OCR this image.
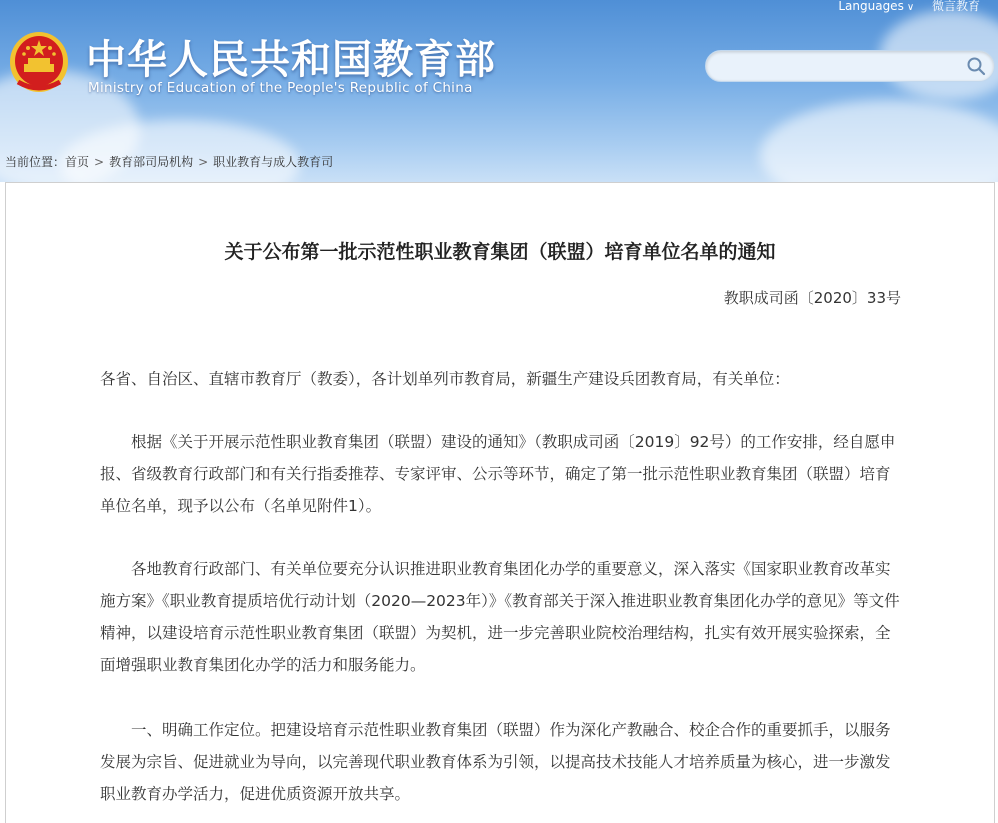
中华人民共和国教育部
Ministry of Education of the People's Republic of China
Languages ∨ 微言教育
当前位置：首页 > 教育部司局机构 > 职业教育与成人教育司
关于公布第一批示范性职业教育集团（联盟）培育单位名单的通知
教职成司函〔2020〕33号
各省、自治区、直辖市教育厅（教委），各计划单列市教育局，新疆生产建设兵团教育局，有关单位：
根据《关于开展示范性职业教育集团（联盟）建设的通知》（教职成司函〔2019〕92号）的工作安排，经自愿申报、省级教育行政部门和有关行指委推荐、专家评审、公示等环节，确定了第一批示范性职业教育集团（联盟）培育单位名单，现予以公布（名单见附件1）。
各地教育行政部门、有关单位要充分认识推进职业教育集团化办学的重要意义，深入落实《国家职业教育改革实施方案》《职业教育提质培优行动计划（2020—2023年）》《教育部关于深入推进职业教育集团化办学的意见》等文件精神，以建设培育示范性职业教育集团（联盟）为契机，进一步完善职业院校治理结构，扎实有效开展实验探索，全面增强职业教育集团化办学的活力和服务能力。
一、明确工作定位。把建设培育示范性职业教育集团（联盟）作为深化产教融合、校企合作的重要抓手，以服务发展为宗旨、促进就业为导向，以完善现代职业教育体系为引领，以提高技术技能人才培养质量为核心，进一步激发职业教育办学活力，促进优质资源开放共享。
